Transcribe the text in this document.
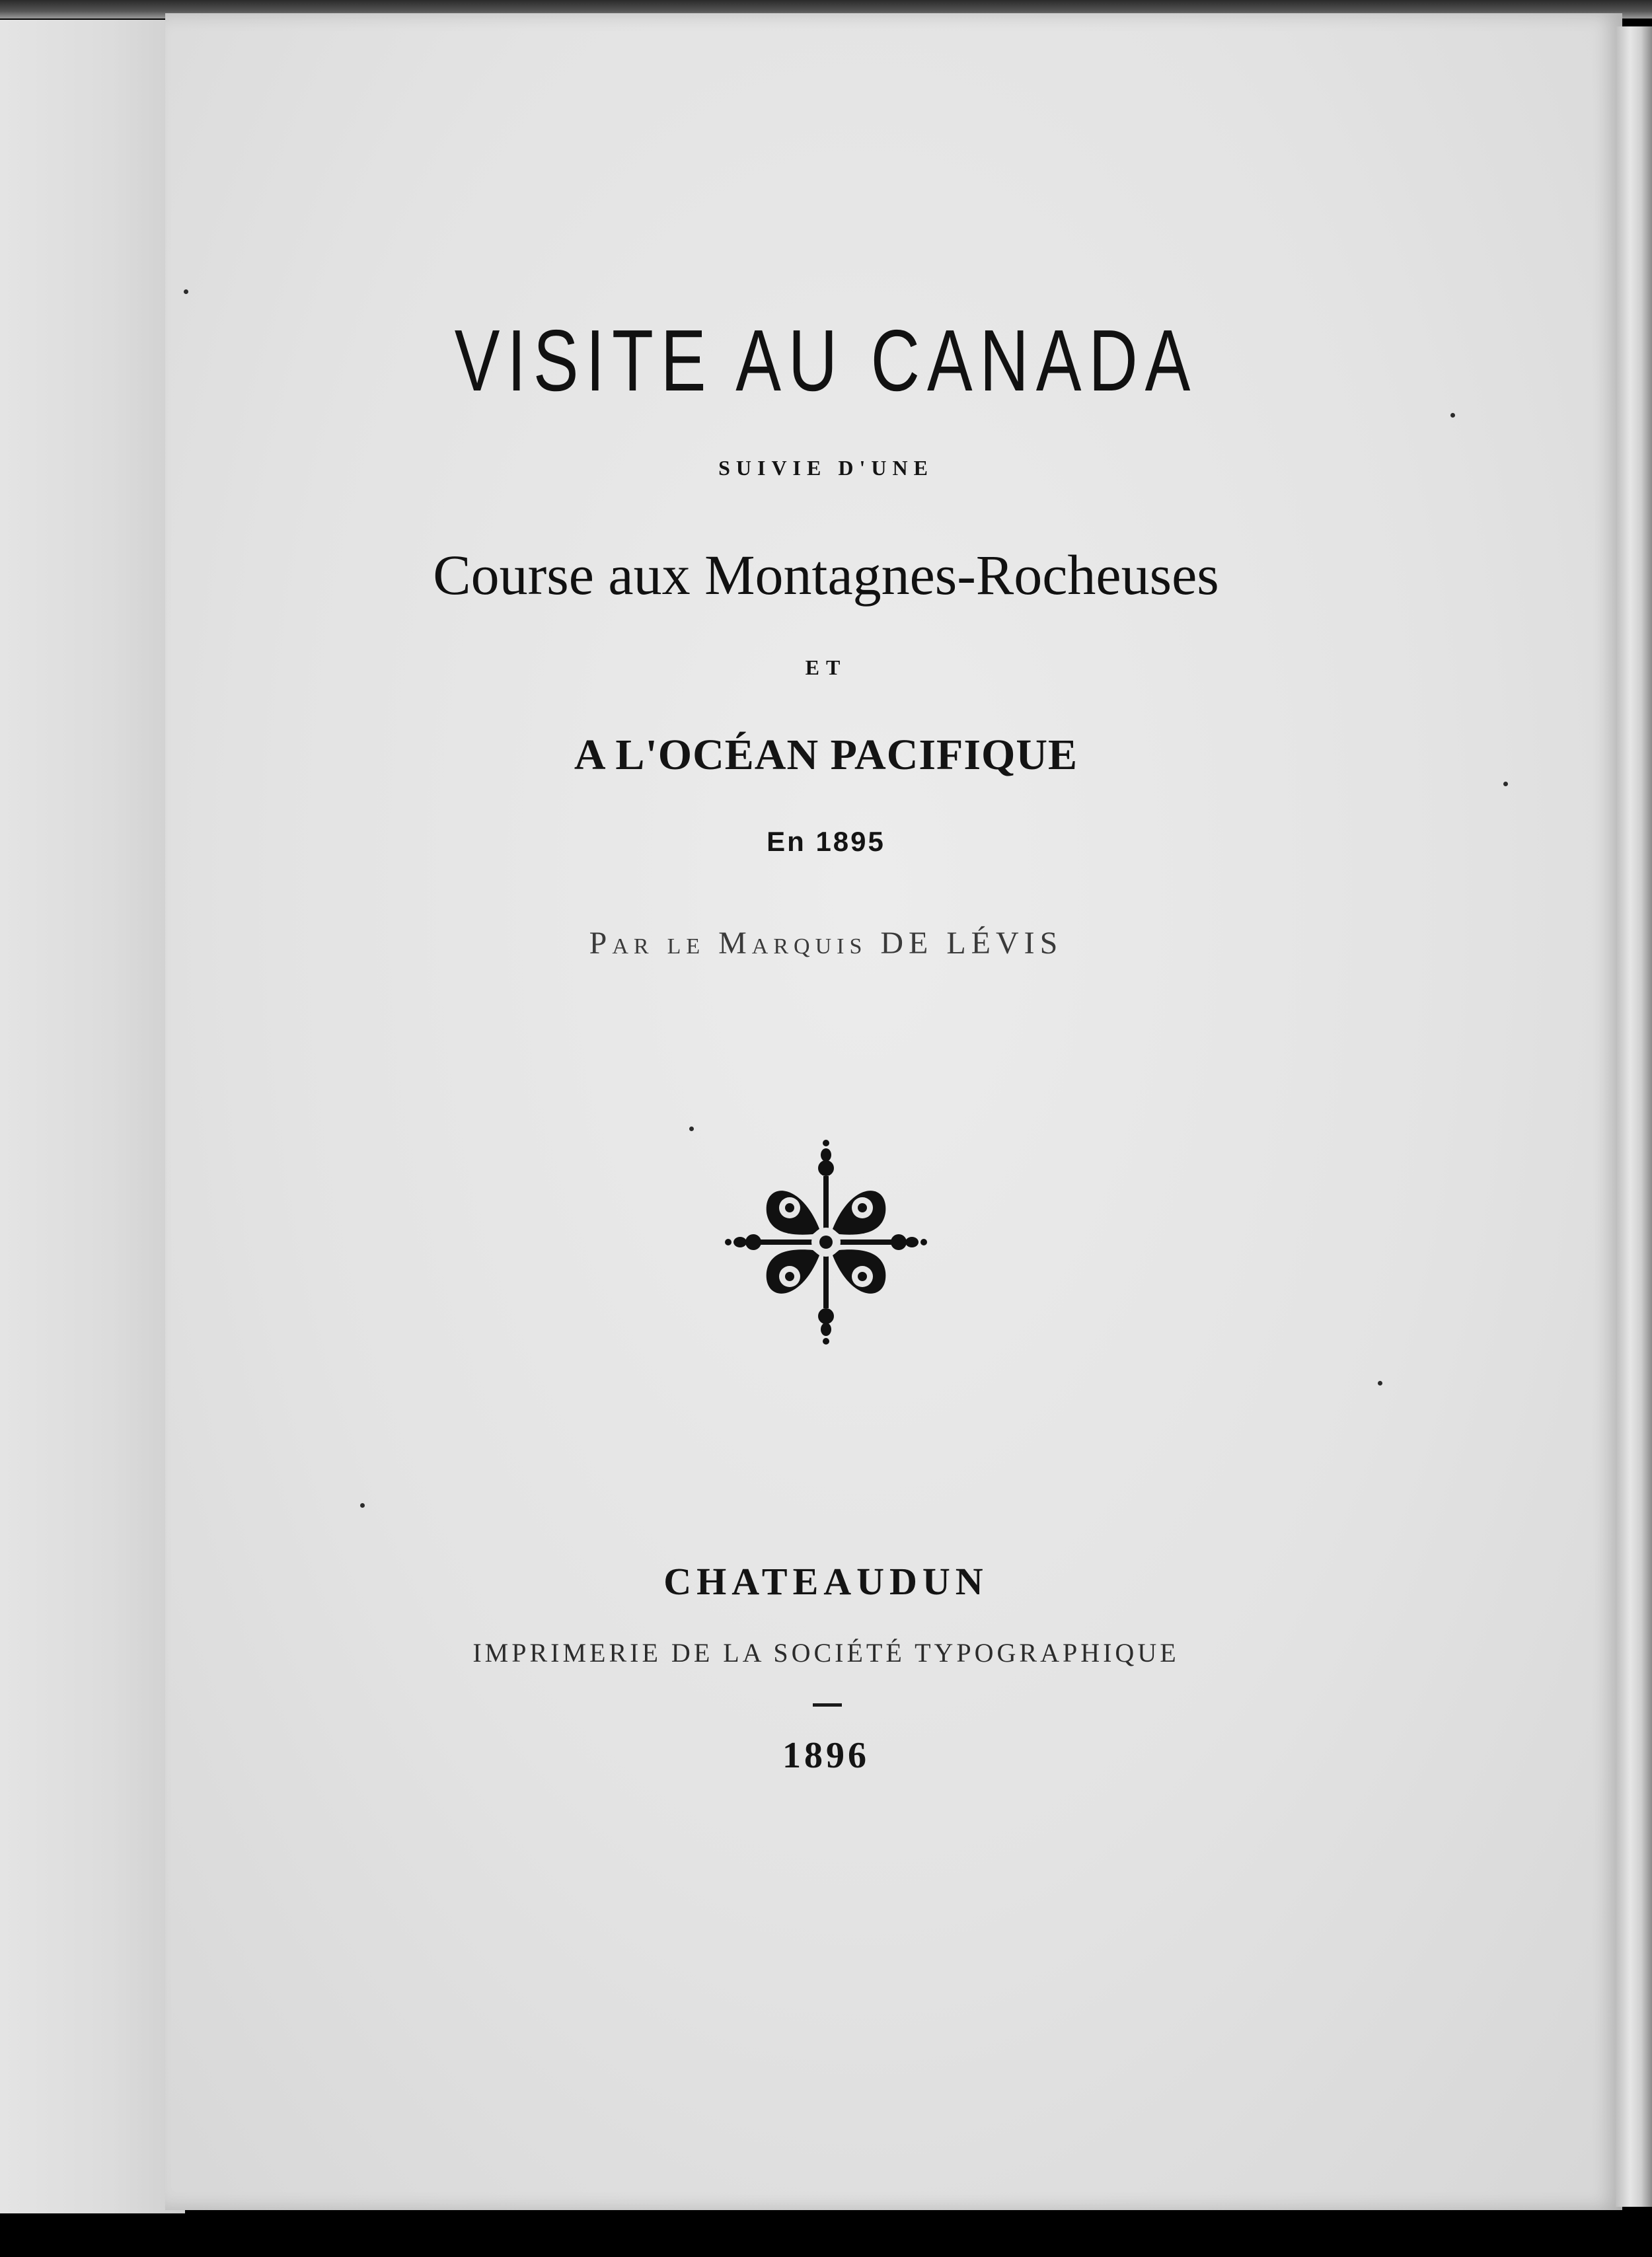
VISITE AU CANADA
SUIVIE D'UNE
Course aux Montagnes-Rocheuses
ET
A L'OCÉAN PACIFIQUE
En 1895
Par le Marquis DE LÉVIS
CHATEAUDUN
IMPRIMERIE DE LA SOCIÉTÉ TYPOGRAPHIQUE
1896
